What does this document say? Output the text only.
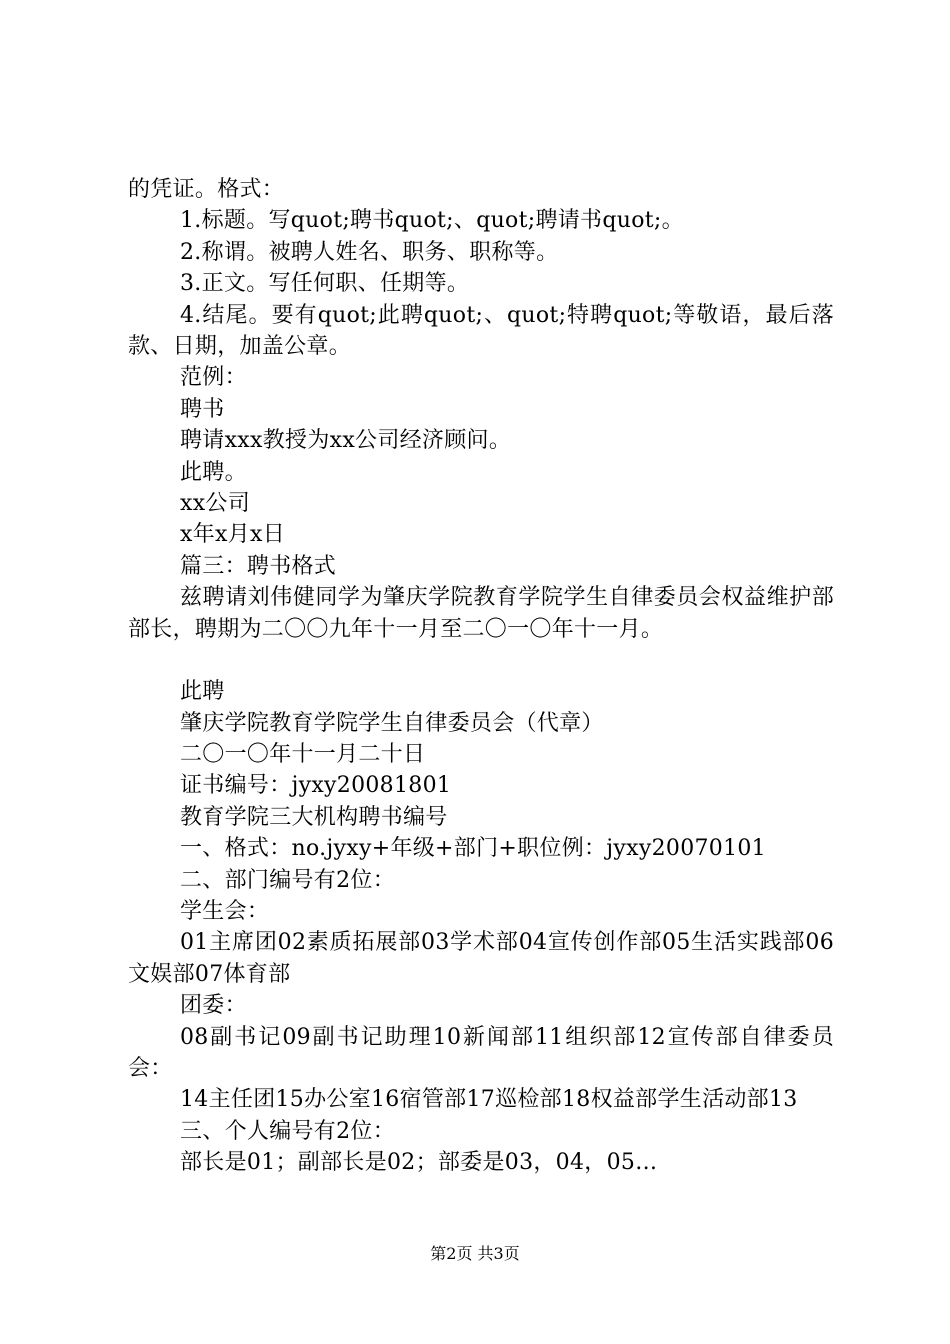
的凭证。格式：
1.标题。写quot;聘书quot;、quot;聘请书quot;。
2.称谓。被聘人姓名、职务、职称等。
3.正文。写任何职、任期等。
4.结尾。要有quot;此聘quot;、quot;特聘quot;等敬语，最后落款、日期，加盖公章。
范例：
聘书
聘请xxx教授为xx公司经济顾问。
此聘。
xx公司
x年x月x日
篇三：聘书格式
兹聘请刘伟健同学为肇庆学院教育学院学生自律委员会权益维护部部长，聘期为二〇〇九年十一月至二〇一〇年十一月。
此聘
肇庆学院教育学院学生自律委员会（代章）
二〇一〇年十一月二十日
证书编号：jyxy20081801
教育学院三大机构聘书编号
一、格式：no.jyxy+年级+部门+职位例：jyxy20070101
二、部门编号有2位：
学生会：
01主席团02素质拓展部03学术部04宣传创作部05生活实践部06文娱部07体育部
团委：
08副书记09副书记助理10新闻部11组织部12宣传部自律委员会：
14主任团15办公室16宿管部17巡检部18权益部学生活动部13
三、个人编号有2位：
部长是01；副部长是02；部委是03，04，05…
第2页 共3页
